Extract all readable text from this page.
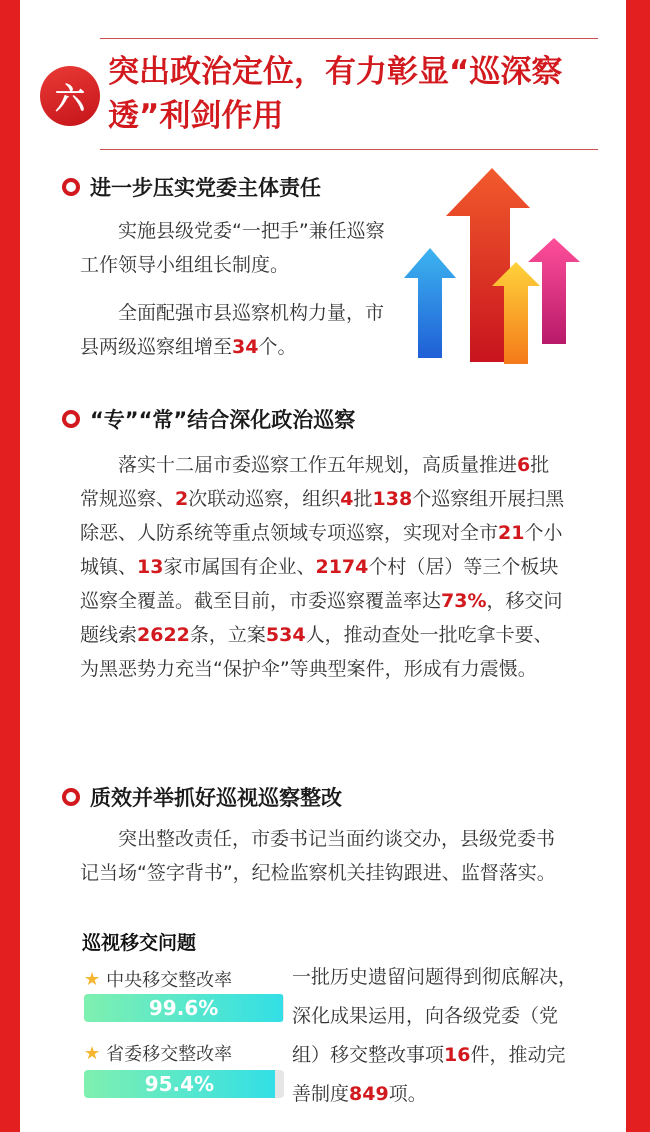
六
突出政治定位，有力彰显“巡深察透”利剑作用
进一步压实党委主体责任
实施县级党委“一把手”兼任巡察工作领导小组组长制度。
全面配强市县巡察机构力量，市县两级巡察组增至34个。
“专”“常”结合深化政治巡察
落实十二届市委巡察工作五年规划，高质量推进6批常规巡察、2次联动巡察，组织4批138个巡察组开展扫黑除恶、人防系统等重点领域专项巡察，实现对全市21个小城镇、13家市属国有企业、2174个村（居）等三个板块巡察全覆盖。截至目前，市委巡察覆盖率达73%，移交问题线索2622条，立案534人，推动查处一批吃拿卡要、为黑恶势力充当“保护伞”等典型案件，形成有力震慑。
质效并举抓好巡视巡察整改
突出整改责任，市委书记当面约谈交办，县级党委书记当场“签字背书”，纪检监察机关挂钩跟进、监督落实。
巡视移交问题
★ 中央移交整改率
99.6%
★ 省委移交整改率
95.4%
一批历史遗留问题得到彻底解决，深化成果运用，向各级党委（党组）移交整改事项16件，推动完善制度849项。
